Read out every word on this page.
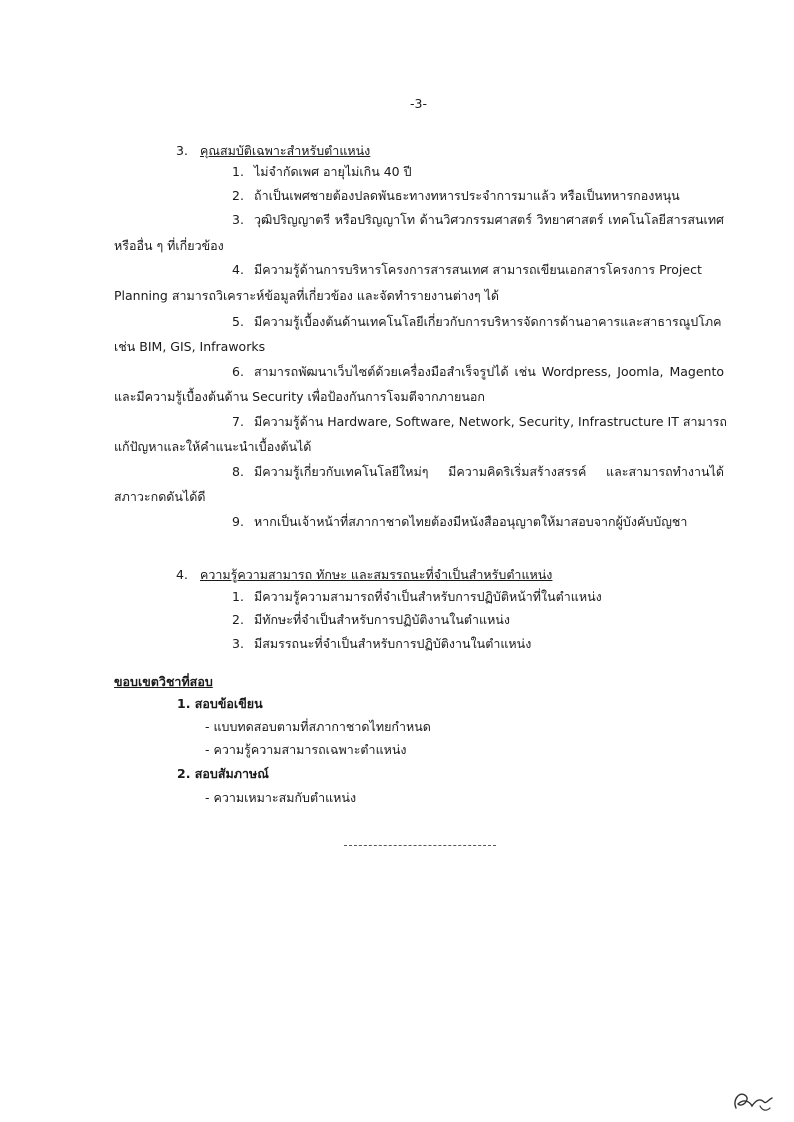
-3-
3. คุณสมบัติเฉพาะสำหรับตำแหน่ง
1. ไม่จำกัดเพศ อายุไม่เกิน 40 ปี
2. ถ้าเป็นเพศชายต้องปลดพันธะทางทหารประจำการมาแล้ว หรือเป็นทหารกองหนุน
3. วุฒิปริญญาตรี หรือปริญญาโท ด้านวิศวกรรมศาสตร์ วิทยาศาสตร์ เทคโนโลยีสารสนเทศ
หรืออื่น ๆ ที่เกี่ยวข้อง
4. มีความรู้ด้านการบริหารโครงการสารสนเทศ สามารถเขียนเอกสารโครงการ Project
Planning สามารถวิเคราะห์ข้อมูลที่เกี่ยวข้อง และจัดทำรายงานต่างๆ ได้
5. มีความรู้เบื้องต้นด้านเทคโนโลยีเกี่ยวกับการบริหารจัดการด้านอาคารและสาธารณูปโภค
เช่น BIM, GIS, Infraworks
6. สามารถพัฒนาเว็บไซต์ด้วยเครื่องมือสำเร็จรูปได้ เช่น Wordpress, Joomla, Magento
และมีความรู้เบื้องต้นด้าน Security เพื่อป้องกันการโจมตีจากภายนอก
7. มีความรู้ด้าน Hardware, Software, Network, Security, Infrastructure IT สามารถ
แก้ปัญหาและให้คำแนะนำเบื้องต้นได้
8. มีความรู้เกี่ยวกับเทคโนโลยีใหม่ๆ มีความคิดริเริ่มสร้างสรรค์ และสามารถทำงานได้
สภาวะกดดันได้ดี
9. หากเป็นเจ้าหน้าที่สภากาชาดไทยต้องมีหนังสืออนุญาตให้มาสอบจากผู้บังคับบัญชา
4. ความรู้ความสามารถ ทักษะ และสมรรถนะที่จำเป็นสำหรับตำแหน่ง
1. มีความรู้ความสามารถที่จำเป็นสำหรับการปฏิบัติหน้าที่ในตำแหน่ง
2. มีทักษะที่จำเป็นสำหรับการปฏิบัติงานในตำแหน่ง
3. มีสมรรถนะที่จำเป็นสำหรับการปฏิบัติงานในตำแหน่ง
ขอบเขตวิชาที่สอบ
1. สอบข้อเขียน
- แบบทดสอบตามที่สภากาชาดไทยกำหนด
- ความรู้ความสามารถเฉพาะตำแหน่ง
2. สอบสัมภาษณ์
- ความเหมาะสมกับตำแหน่ง
